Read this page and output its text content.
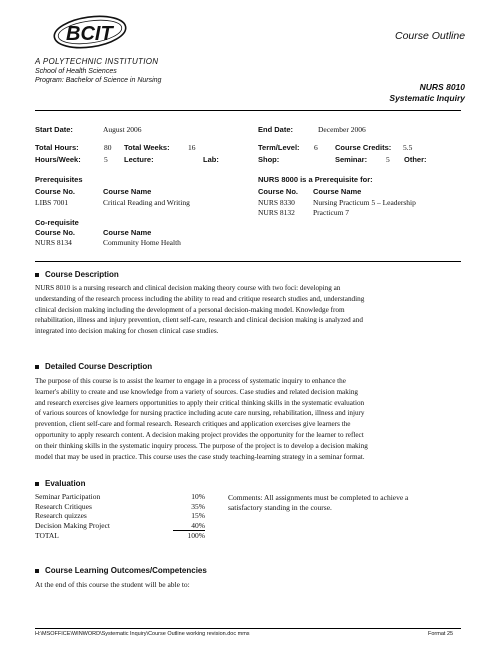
BCIT
A POLYTECHNIC INSTITUTION
School of Health Sciences
Program: Bachelor of Science in Nursing
Course Outline
NURS 8010
Systematic Inquiry
Start Date:	August 2006	End Date:	December 2006
Total Hours:	80 Total Weeks: 16	Term/Level: 6 Course Credits: 5.5
Hours/Week:	5 Lecture:	Lab:	Shop:	Seminar:	5 Other:
Prerequisites
Course No.	Course Name
LIBS 7001	Critical Reading and Writing
NURS 8000 is a Prerequisite for:
Course No. Course Name
NURS 8330 Nursing Practicum 5 – Leadership
NURS 8132 Practicum 7
Co-requisite
Course No.	Course Name
NURS 8134	Community Home Health
Course Description
NURS 8010 is a nursing research and clinical decision making theory course with two foci: developing an
understanding of the research process including the ability to read and critique research studies and, understanding
clinical decision making including the development of a personal decision-making model. Knowledge from
rehabilitation, illness and injury prevention, client self-care, research and clinical decision making is analyzed and
integrated into decision making for chosen clinical case studies.
Detailed Course Description
The purpose of this course is to assist the learner to engage in a process of systematic inquiry to enhance the
learner's ability to create and use knowledge from a variety of sources. Case studies and related decision making
and research exercises give learners opportunities to apply their critical thinking skills in the systematic evaluation
of various sources of knowledge for nursing practice including acute care nursing, rehabilitation, illness and injury
prevention, client self-care and formal research. Research critiques and application exercises give learners the
opportunity to apply research content. A decision making project provides the opportunity for the learner to reflect
on their thinking skills in the systematic inquiry process. The purpose of the project is to develop a decision making
model that may be used in practice. This course uses the case study teaching-learning strategy in a seminar format.
Evaluation
Seminar Participation	10%
Research Critiques	35%
Research quizzes	15%
Decision Making Project	40%
TOTAL	100%
Comments: All assignments must be completed to achieve a
satisfactory standing in the course.
Course Learning Outcomes/Competencies
At the end of this course the student will be able to:
H:\MSOFFICE\WINWORD\Systematic Inquiry\Course Outline working revision.doc mms	Format 25
